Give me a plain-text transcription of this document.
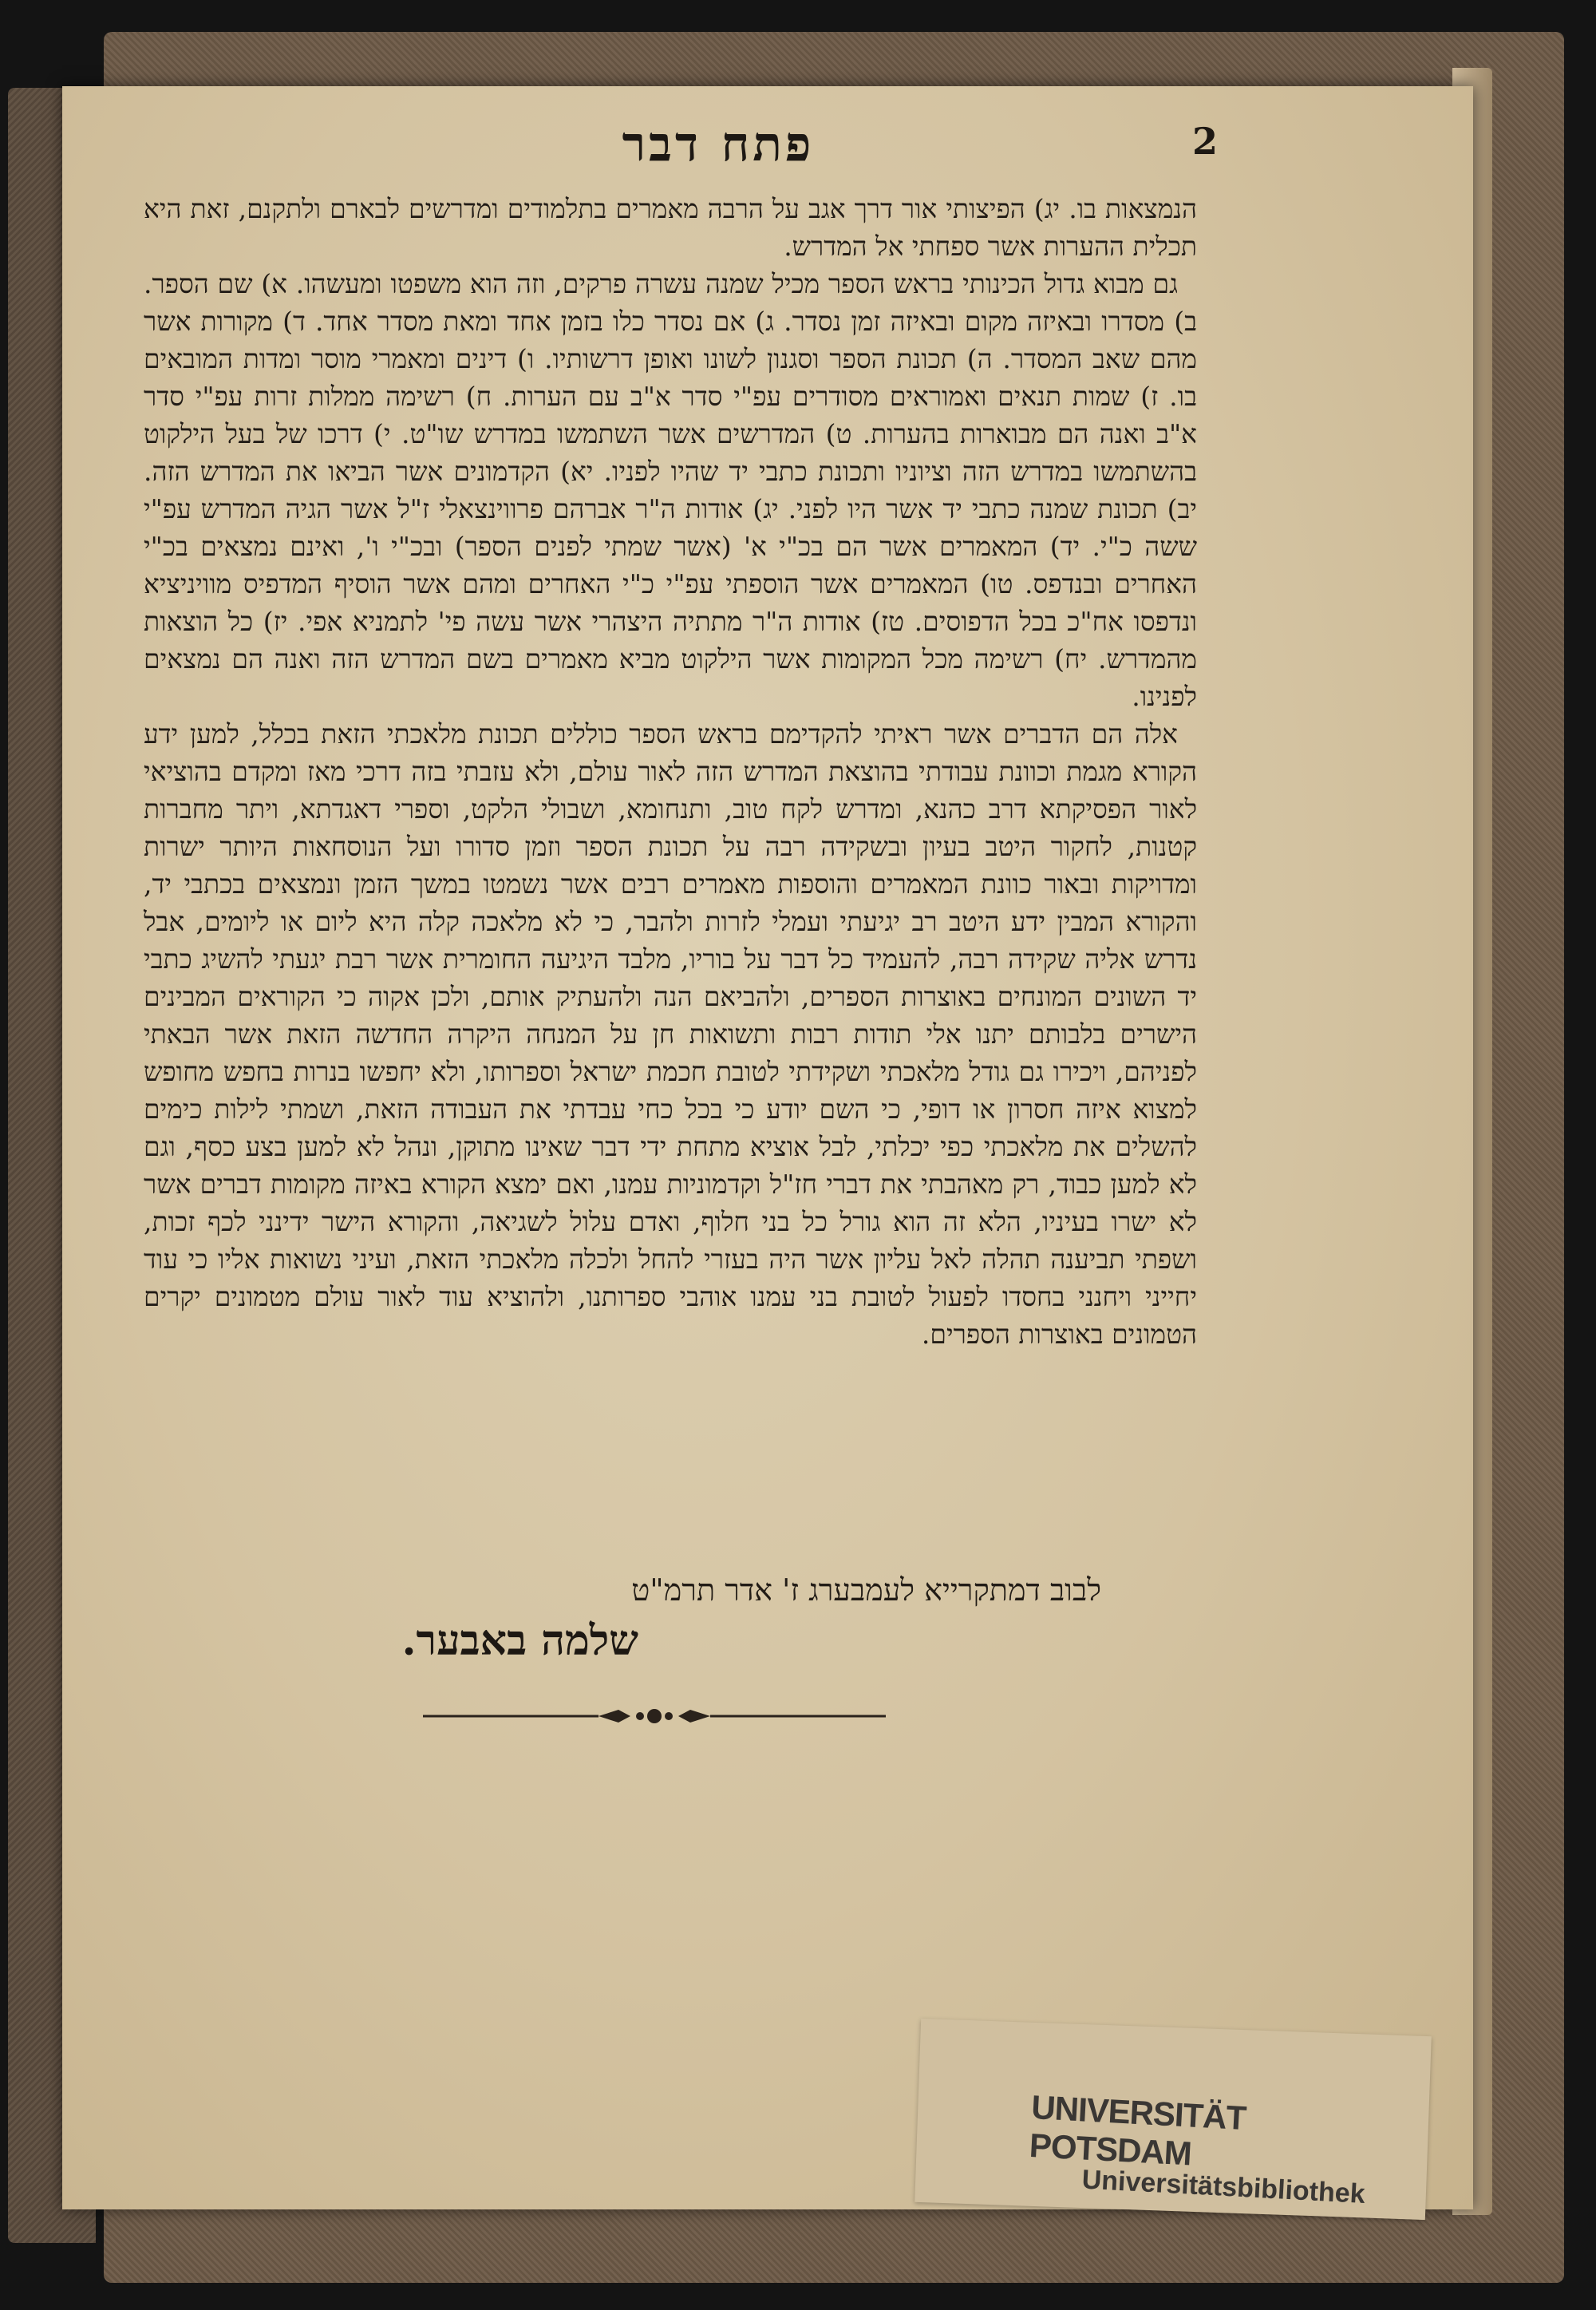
2
פתח דבר

הנמצאות בו. יג) הפיצותי אור דרך אגב על הרבה מאמרים בתלמודים ומדרשים לבארם ולתקנם, זאת היא תכלית ההערות אשר ספחתי אל המדרש.

גם מבוא גדול הכינותי בראש הספר מכיל שמנה עשרה פרקים, וזה הוא משפטו ומעשהו. א) שם הספר. ב) מסדרו ובאיזה מקום ובאיזה זמן נסדר. ג) אם נסדר כלו בזמן אחד ומאת מסדר אחד. ד) מקורות אשר מהם שאב המסדר. ה) תכונת הספר וסגנון לשונו ואופן דרשותיו. ו) דינים ומאמרי מוסר ומדות המובאים בו. ז) שמות תנאים ואמוראים מסודרים עפ"י סדר א"ב עם הערות. ח) רשימה ממלות זרות עפ"י סדר א"ב ואנה הם מבוארות בהערות. ט) המדרשים אשר השתמשו במדרש שו"ט. י) דרכו של בעל הילקוט בהשתמשו במדרש הזה וציוניו ותכונת כתבי יד שהיו לפניו. יא) הקדמונים אשר הביאו את המדרש הזה. יב) תכונת שמנה כתבי יד אשר היו לפני. יג) אודות ה"ר אברהם פרווינצאלי ז"ל אשר הגיה המדרש עפ"י ששה כ"י. יד) המאמרים אשר הם בכ"י א' (אשר שמתי לפנים הספר) ובכ"י ו', ואינם נמצאים בכ"י האחרים ובנדפס. טו) המאמרים אשר הוספתי עפ"י כ"י האחרים ומהם אשר הוסיף המדפיס מוויניציא ונדפסו אח"כ בכל הדפוסים. טז) אודות ה"ר מתתיה היצהרי אשר עשה פי' לתמניא אפי. יז) כל הוצאות מהמדרש. יח) רשימה מכל המקומות אשר הילקוט מביא מאמרים בשם המדרש הזה ואנה הם נמצאים לפנינו.

אלה הם הדברים אשר ראיתי להקדימם בראש הספר כוללים תכונת מלאכתי הזאת בכלל, למען ידע הקורא מגמת וכוונת עבודתי בהוצאת המדרש הזה לאור עולם, ולא עזבתי בזה דרכי מאז ומקדם בהוציאי לאור הפסיקתא דרב כהנא, ומדרש לקח טוב, ותנחומא, ושבולי הלקט, וספרי דאגדתא, ויתר מחברות קטנות, לחקור היטב בעיון ובשקידה רבה על תכונת הספר וזמן סדורו ועל הנוסחאות היותר ישרות ומדויקות ובאור כוונת המאמרים והוספות מאמרים רבים אשר נשמטו במשך הזמן ונמצאים בכתבי יד, והקורא המבין ידע היטב רב יגיעתי ועמלי לזרות ולהבר, כי לא מלאכה קלה היא ליום או ליומים, אבל נדרש אליה שקידה רבה, להעמיד כל דבר על בוריו, מלבד היגיעה החומרית אשר רבת יגעתי להשיג כתבי יד השונים המונחים באוצרות הספרים, ולהביאם הנה ולהעתיק אותם, ולכן אקוה כי הקוראים המבינים הישרים בלבותם יתנו אלי תודות רבות ותשואות חן על המנחה היקרה החדשה הזאת אשר הבאתי לפניהם, ויכירו גם גודל מלאכתי ושקידתי לטובת חכמת ישראל וספרותו, ולא יחפשו בנרות בחפש מחופש למצוא איזה חסרון או דופי, כי השם יודע כי בכל כחי עבדתי את העבודה הזאת, ושמתי לילות כימים להשלים את מלאכתי כפי יכלתי, לבל אוציא מתחת ידי דבר שאינו מתוקן, ונהל לא למען בצע כסף, וגם לא למען כבוד, רק מאהבתי את דברי חז"ל וקדמוניות עמנו, ואם ימצא הקורא באיזה מקומות דברים אשר לא ישרו בעיניו, הלא זה הוא גורל כל בני חלוף, ואדם עלול לשגיאה, והקורא הישר ידינני לכף זכות, ושפתי תביענה תהלה לאל עליון אשר היה בעזרי להחל ולכלה מלאכתי הזאת, ועיני נשואות אליו כי עוד יחייני ויחנני בחסדו לפעול לטובת בני עמנו אוהבי ספרותנו, ולהוציא עוד לאור עולם מטמונים יקרים הטמונים באוצרות הספרים.

לבוב דמתקרייא לעמבערג ז' אדר תרמ"ט
שלמה באבער.
UNIVERSITÄT POTSDAM
Universitätsbibliothek
